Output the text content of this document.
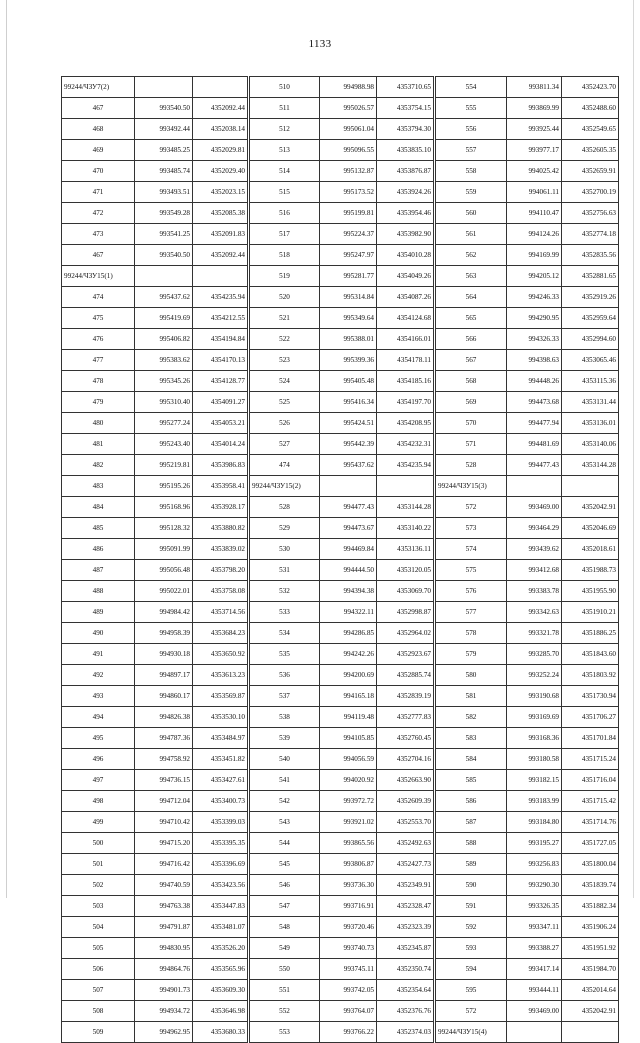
1133
99244/ЧЗУ7(2)			510	994988.98	4353710.65	554	993811.34	4352423.70
467	993540.50	4352092.44	511	995026.57	4353754.15	555	993869.99	4352488.60
468	993492.44	4352038.14	512	995061.04	4353794.30	556	993925.44	4352549.65
469	993485.25	4352029.81	513	995096.55	4353835.10	557	993977.17	4352605.35
470	993485.74	4352029.40	514	995132.87	4353876.87	558	994025.42	4352659.91
471	993493.51	4352023.15	515	995173.52	4353924.26	559	994061.11	4352700.19
472	993549.28	4352085.38	516	995199.81	4353954.46	560	994110.47	4352756.63
473	993541.25	4352091.83	517	995224.37	4353982.90	561	994124.26	4352774.18
467	993540.50	4352092.44	518	995247.97	4354010.28	562	994169.99	4352835.56
99244/ЧЗУ15(1)			519	995281.77	4354049.26	563	994205.12	4352881.65
474	995437.62	4354235.94	520	995314.84	4354087.26	564	994246.33	4352919.26
475	995419.69	4354212.55	521	995349.64	4354124.68	565	994290.95	4352959.64
476	995406.82	4354194.84	522	995388.01	4354166.01	566	994326.33	4352994.60
477	995383.62	4354170.13	523	995399.36	4354178.11	567	994398.63	4353065.46
478	995345.26	4354128.77	524	995405.48	4354185.16	568	994448.26	4353115.36
479	995310.40	4354091.27	525	995416.34	4354197.70	569	994473.68	4353131.44
480	995277.24	4354053.21	526	995424.51	4354208.95	570	994477.94	4353136.01
481	995243.40	4354014.24	527	995442.39	4354232.31	571	994481.69	4353140.06
482	995219.81	4353986.83	474	995437.62	4354235.94	528	994477.43	4353144.28
483	995195.26	4353958.41	99244/ЧЗУ15(2)			99244/ЧЗУ15(3)		
484	995168.96	4353928.17	528	994477.43	4353144.28	572	993469.00	4352042.91
485	995128.32	4353880.82	529	994473.67	4353140.22	573	993464.29	4352046.69
486	995091.99	4353839.02	530	994469.84	4353136.11	574	993439.62	4352018.61
487	995056.48	4353798.20	531	994444.50	4353120.05	575	993412.68	4351988.73
488	995022.01	4353758.08	532	994394.38	4353069.70	576	993383.78	4351955.90
489	994984.42	4353714.56	533	994322.11	4352998.87	577	993342.63	4351910.21
490	994958.39	4353684.23	534	994286.85	4352964.02	578	993321.78	4351886.25
491	994930.18	4353650.92	535	994242.26	4352923.67	579	993285.70	4351843.60
492	994897.17	4353613.23	536	994200.69	4352885.74	580	993252.24	4351803.92
493	994860.17	4353569.87	537	994165.18	4352839.19	581	993190.68	4351730.94
494	994826.38	4353530.10	538	994119.48	4352777.83	582	993169.69	4351706.27
495	994787.36	4353484.97	539	994105.85	4352760.45	583	993168.36	4351701.84
496	994758.92	4353451.82	540	994056.59	4352704.16	584	993180.58	4351715.24
497	994736.15	4353427.61	541	994020.92	4352663.90	585	993182.15	4351716.04
498	994712.04	4353400.73	542	993972.72	4352609.39	586	993183.99	4351715.42
499	994710.42	4353399.03	543	993921.02	4352553.70	587	993184.80	4351714.76
500	994715.20	4353395.35	544	993865.56	4352492.63	588	993195.27	4351727.05
501	994716.42	4353396.69	545	993806.87	4352427.73	589	993256.83	4351800.04
502	994740.59	4353423.56	546	993736.30	4352349.91	590	993290.30	4351839.74
503	994763.38	4353447.83	547	993716.91	4352328.47	591	993326.35	4351882.34
504	994791.87	4353481.07	548	993720.46	4352323.39	592	993347.11	4351906.24
505	994830.95	4353526.20	549	993740.73	4352345.87	593	993388.27	4351951.92
506	994864.76	4353565.96	550	993745.11	4352350.74	594	993417.14	4351984.70
507	994901.73	4353609.30	551	993742.05	4352354.64	595	993444.11	4352014.64
508	994934.72	4353646.98	552	993764.07	4352376.76	572	993469.00	4352042.91
509	994962.95	4353680.33	553	993766.22	4352374.03	99244/ЧЗУ15(4)		
